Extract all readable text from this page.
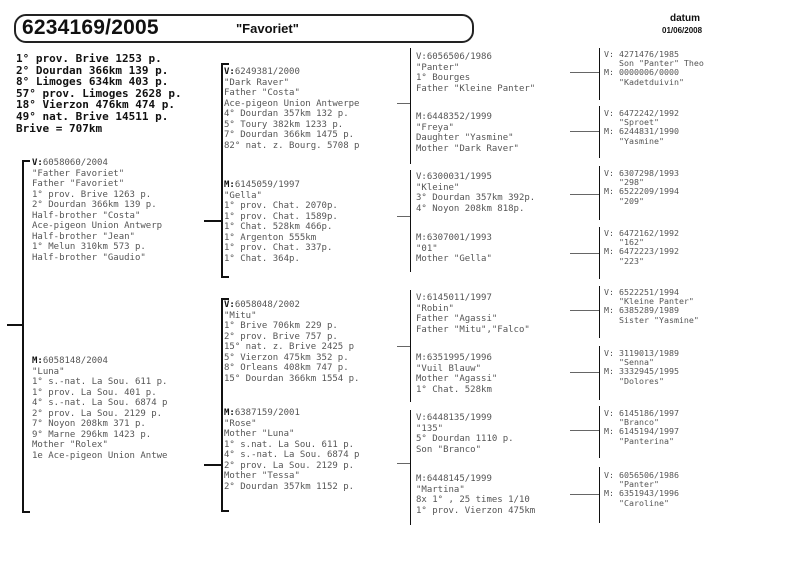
6234169/2005	"Favoriet"
datum
01/06/2008
1° prov. Brive 1253 p.
2° Dourdan 366km 139 p.
8° Limoges 634km 403 p.
57° prov. Limoges 2628 p.
18° Vierzon 476km 474 p.
49° nat. Brive 14511 p.
Brive = 707km
V:6058060/2004
"Father Favoriet"
Father "Favoriet"
1° prov. Brive 1263 p.
2° Dourdan 366km 139 p.
Half-brother "Costa"
Ace-pigeon Union Antwerp
Half-brother "Jean"
1° Melun 310km 573 p.
Half-brother "Gaudio"
M:6058148/2004
"Luna"
1° s.-nat. La Sou. 611 p.
1° prov. La Sou. 401 p.
4° s.-nat. La Sou. 6874 p
2° prov. La Sou. 2129 p.
7° Noyon 208km 371 p.
9° Marne 296km 1423 p.
Mother "Rolex"
1e Ace-pigeon Union Antwe
V:6249381/2000
"Dark Raver"
Father "Costa"
Ace-pigeon Union Antwerpe
4° Dourdan 357km 132 p.
5° Toury 382km 1233 p.
7° Dourdan 366km 1475 p.
82° nat. z. Bourg. 5708 p
M:6145059/1997
"Gella"
1° prov. Chat. 2070p.
1° prov. Chat. 1589p.
1° Chat. 528km 466p.
1° Argenton 555km
1° prov. Chat. 337p.
1° Chat. 364p.
V:6058048/2002
"Mitu"
1° Brive 706km 229 p.
2° prov. Brive 757 p.
15° nat. z. Brive 2425 p
5° Vierzon 475km 352 p.
8° Orleans 408km 747 p.
15° Dourdan 366km 1554 p.
M:6387159/2001
"Rose"
Mother "Luna"
1° s.nat. La Sou. 611 p.
4° s.-nat. La Sou. 6874 p
2° prov. La Sou. 2129 p.
Mother "Tessa"
2° Dourdan 357km 1152 p.
V:6056506/1986
"Panter"
1° Bourges
Father "Kleine Panter"
M:6448352/1999
"Freya"
Daughter "Yasmine"
Mother "Dark Raver"
V:6300031/1995
"Kleine"
3° Dourdan 357km 392p.
4° Noyon 208km 818p.
M:6307001/1993
"01"
Mother "Gella"
V:6145011/1997
"Robin"
Father "Agassi"
Father "Mitu","Falco"
M:6351995/1996
"Vuil Blauw"
Mother "Agassi"
1° Chat. 528km
V:6448135/1999
"135"
5° Dourdan 1110 p.
Son "Branco"
M:6448145/1999
"Martina"
8x 1° , 25 times 1/10
1° prov. Vierzon 475km
V: 4271476/1985
Son "Panter" Theo
M: 0000006/0000
"Kadetduivin"
V: 6472242/1992
"Sproet"
M: 6244831/1990
"Yasmine"
V: 6307298/1993
"298"
M: 6522209/1994
"209"
V: 6472162/1992
"162"
M: 6472223/1992
"223"
V: 6522251/1994
"Kleine Panter"
M: 6385289/1989
Sister "Yasmine"
V: 3119013/1989
"Senna"
M: 3332945/1995
"Dolores"
V: 6145186/1997
"Branco"
M: 6145194/1997
"Panterina"
V: 6056506/1986
"Panter"
M: 6351943/1996
"Caroline"
